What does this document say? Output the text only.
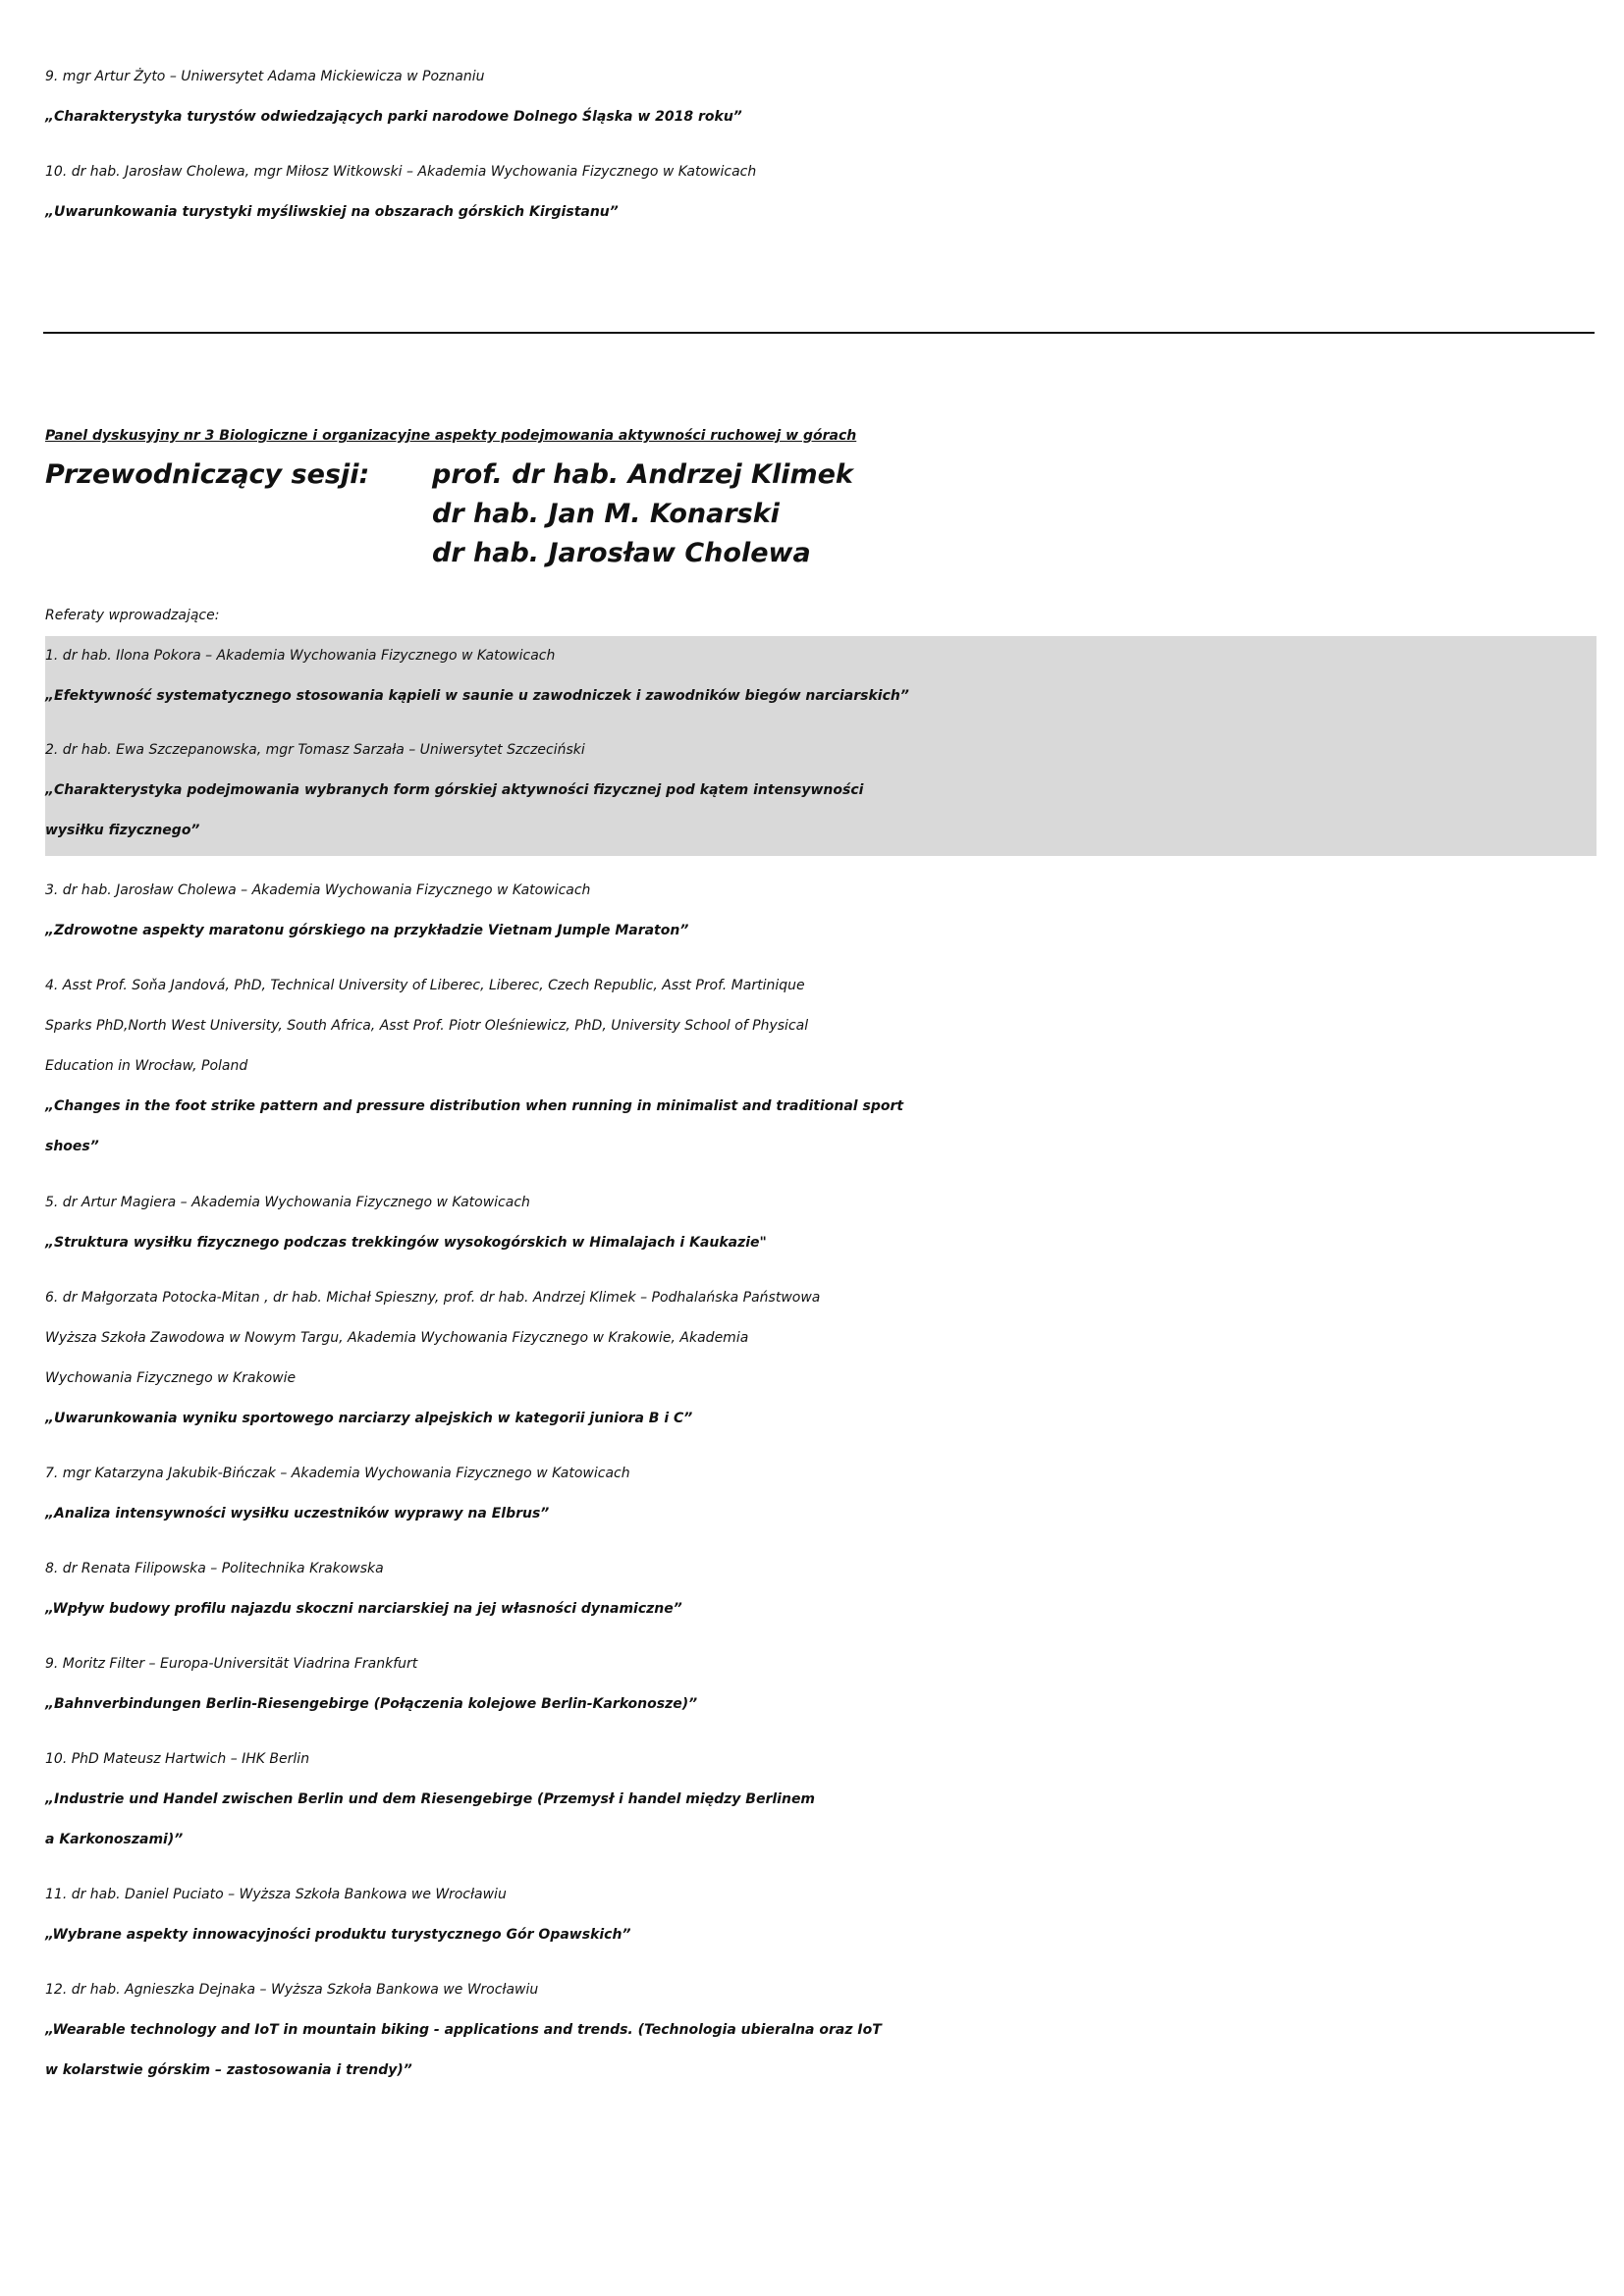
9. mgr Artur Żyto – Uniwersytet Adama Mickiewicza w Poznaniu
„Charakterystyka turystów odwiedzających parki narodowe Dolnego Śląska w 2018 roku”
10. dr hab. Jarosław Cholewa, mgr Miłosz Witkowski – Akademia Wychowania Fizycznego w Katowicach
„Uwarunkowania turystyki myśliwskiej na obszarach górskich Kirgistanu”
Panel dyskusyjny nr 3 Biologiczne i organizacyjne aspekty podejmowania aktywności ruchowej w górach
Przewodniczący sesji:	prof. dr hab. Andrzej Klimek
dr hab. Jan M. Konarski
dr hab. Jarosław Cholewa
Referaty wprowadzające:
1. dr hab. Ilona Pokora – Akademia Wychowania Fizycznego w Katowicach
„Efektywność systematycznego stosowania kąpieli w saunie u zawodniczek i zawodników biegów narciarskich”
2. dr hab. Ewa Szczepanowska, mgr Tomasz Sarzała – Uniwersytet Szczeciński
„Charakterystyka podejmowania wybranych form górskiej aktywności fizycznej pod kątem intensywności
wysiłku fizycznego”
3. dr hab. Jarosław Cholewa – Akademia Wychowania Fizycznego w Katowicach
„Zdrowotne aspekty maratonu górskiego na przykładzie Vietnam Jumple Maraton”
4. Asst Prof. Soňa Jandová, PhD, Technical University of Liberec, Liberec, Czech Republic, Asst Prof. Martinique
Sparks PhD,North West University, South Africa, Asst Prof. Piotr Oleśniewicz, PhD, University School of Physical
Education in Wrocław, Poland
„Changes in the foot strike pattern and pressure distribution when running in minimalist and traditional sport
shoes”
5. dr Artur Magiera – Akademia Wychowania Fizycznego w Katowicach
„Struktura wysiłku fizycznego podczas trekkingów wysokogórskich w Himalajach i Kaukazie"
6. dr Małgorzata Potocka-Mitan , dr hab. Michał Spieszny, prof. dr hab. Andrzej Klimek – Podhalańska Państwowa
Wyższa Szkoła Zawodowa w Nowym Targu, Akademia Wychowania Fizycznego w Krakowie, Akademia
Wychowania Fizycznego w Krakowie
„Uwarunkowania wyniku sportowego narciarzy alpejskich w kategorii juniora B i C”
7. mgr Katarzyna Jakubik-Bińczak – Akademia Wychowania Fizycznego w Katowicach
„Analiza intensywności wysiłku uczestników wyprawy na Elbrus”
8. dr Renata Filipowska – Politechnika Krakowska
„Wpływ budowy profilu najazdu skoczni narciarskiej na jej własności dynamiczne”
9. Moritz Filter – Europa-Universität Viadrina Frankfurt
„Bahnverbindungen Berlin-Riesengebirge (Połączenia kolejowe Berlin-Karkonosze)”
10. PhD Mateusz Hartwich – IHK Berlin
„Industrie und Handel zwischen Berlin und dem Riesengebirge (Przemysł i handel między Berlinem
a Karkonoszami)”
11. dr hab. Daniel Puciato – Wyższa Szkoła Bankowa we Wrocławiu
„Wybrane aspekty innowacyjności produktu turystycznego Gór Opawskich”
12. dr hab. Agnieszka Dejnaka – Wyższa Szkoła Bankowa we Wrocławiu
„Wearable technology and IoT in mountain biking - applications and trends. (Technologia ubieralna oraz IoT
w kolarstwie górskim – zastosowania i trendy)”
